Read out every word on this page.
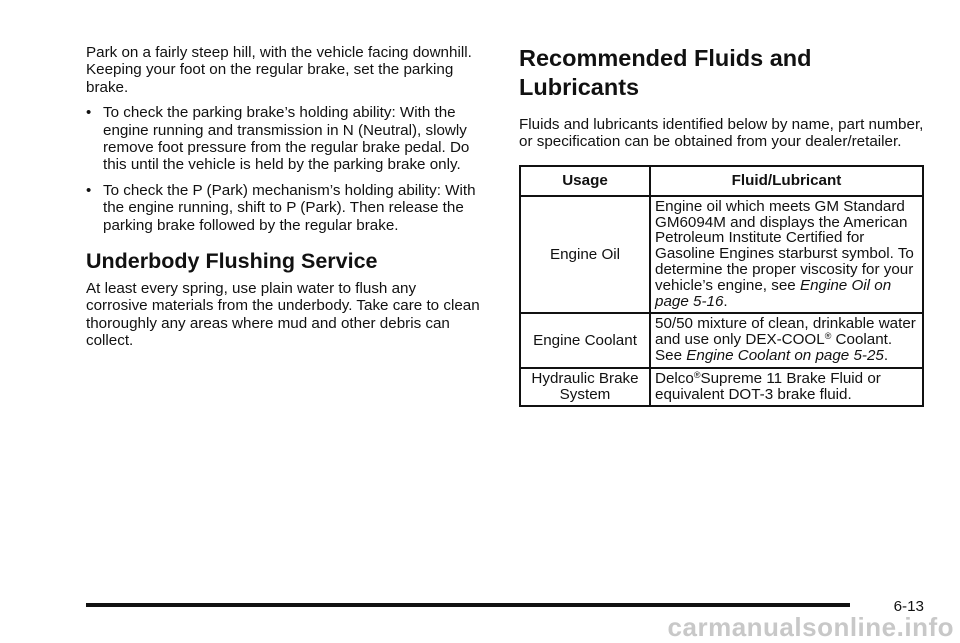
Park on a fairly steep hill, with the vehicle facing downhill. Keeping your foot on the regular brake, set the parking brake.

• To check the parking brake’s holding ability: With the engine running and transmission in N (Neutral), slowly remove foot pressure from the regular brake pedal. Do this until the vehicle is held by the parking brake only.
• To check the P (Park) mechanism’s holding ability: With the engine running, shift to P (Park). Then release the parking brake followed by the regular brake.
Underbody Flushing Service

At least every spring, use plain water to flush any corrosive materials from the underbody. Take care to clean thoroughly any areas where mud and other debris can collect.

Recommended Fluids and
Lubricants

Fluids and lubricants identified below by name, part number, or specification can be obtained from your dealer/retailer.

Usage	Fluid/Lubricant
Engine Oil	Engine oil which meets GM Standard GM6094M and displays the American Petroleum Institute Certified for Gasoline Engines starburst symbol. To determine the proper viscosity for your vehicle’s engine, see Engine Oil on page 5-16.
Engine Coolant	50/50 mixture of clean, drinkable water and use only DEX-COOL® Coolant. See Engine Coolant on page 5-25.
Hydraulic Brake System	Delco®Supreme 11 Brake Fluid or equivalent DOT-3 brake fluid.
6-13
carmanualsonline.info
